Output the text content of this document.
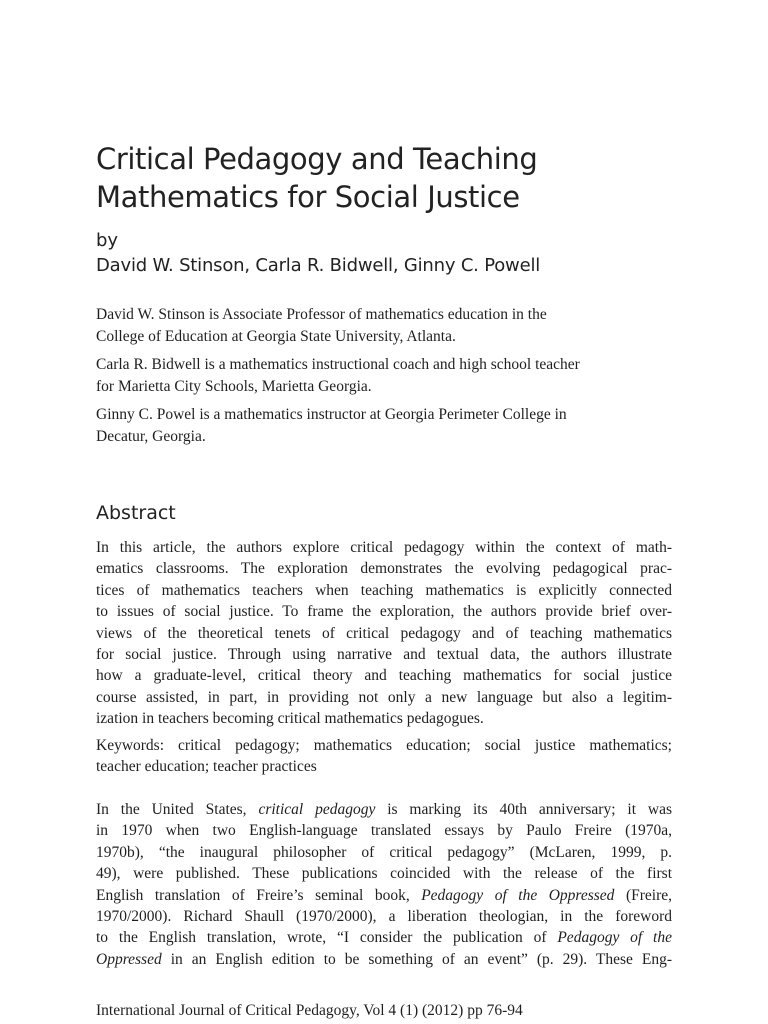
Critical Pedagogy and Teaching
Mathematics for Social Justice
by
David W. Stinson, Carla R. Bidwell, Ginny C. Powell

David W. Stinson is Associate Professor of mathematics education in the
College of Education at Georgia State University, Atlanta.

Carla R. Bidwell is a mathematics instructional coach and high school teacher
for Marietta City Schools, Marietta Georgia.

Ginny C. Powel is a mathematics instructor at Georgia Perimeter College in
Decatur, Georgia.

Abstract
In this article, the authors explore critical pedagogy within the context of math-
ematics classrooms. The exploration demonstrates the evolving pedagogical prac-
tices of mathematics teachers when teaching mathematics is explicitly connected
to issues of social justice. To frame the exploration, the authors provide brief over-
views of the theoretical tenets of critical pedagogy and of teaching mathematics
for social justice. Through using narrative and textual data, the authors illustrate
how a graduate-level, critical theory and teaching mathematics for social justice
course assisted, in part, in providing not only a new language but also a legitim-
ization in teachers becoming critical mathematics pedagogues.
Keywords: critical pedagogy; mathematics education; social justice mathematics;
teacher education; teacher practices
In the United States, critical pedagogy is marking its 40th anniversary; it was
in 1970 when two English-language translated essays by Paulo Freire (1970a,
1970b), “the inaugural philosopher of critical pedagogy” (McLaren, 1999, p.
49), were published. These publications coincided with the release of the first
English translation of Freire’s seminal book, Pedagogy of the Oppressed (Freire,
1970/2000). Richard Shaull (1970/2000), a liberation theologian, in the foreword
to the English translation, wrote, “I consider the publication of Pedagogy of the
Oppressed in an English edition to be something of an event” (p. 29). These Eng-
International Journal of Critical Pedagogy, Vol 4 (1) (2012) pp 76-94
